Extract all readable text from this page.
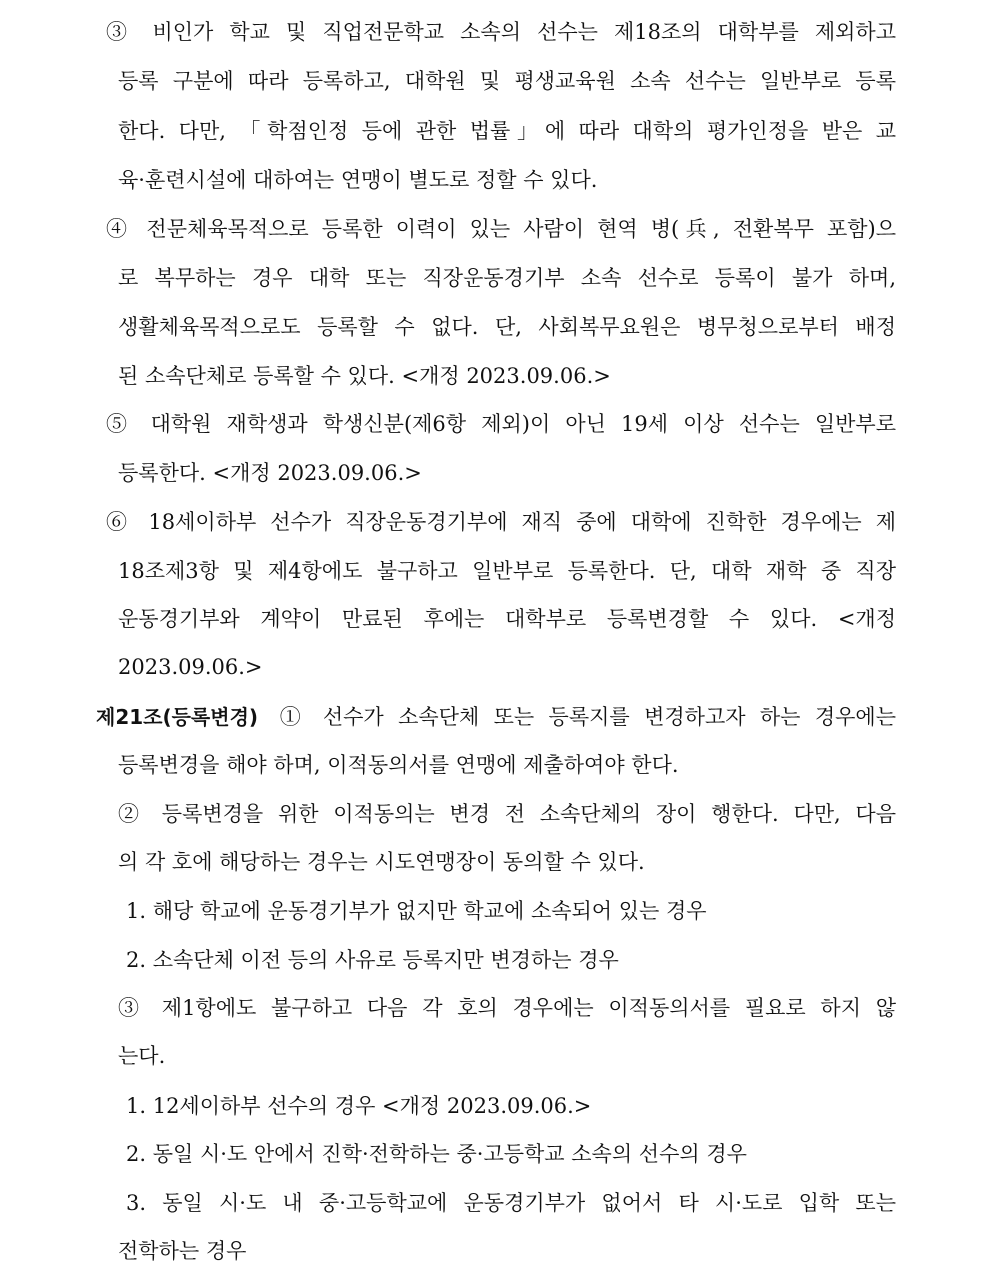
③ 비인가 학교 및 직업전문학교 소속의 선수는 제18조의 대학부를 제외하고
등록 구분에 따라 등록하고, 대학원 및 평생교육원 소속 선수는 일반부로 등록
한다. 다만, 「학점인정 등에 관한 법률」에 따라 대학의 평가인정을 받은 교
육·훈련시설에 대하여는 연맹이 별도로 정할 수 있다.
④ 전문체육목적으로 등록한 이력이 있는 사람이 현역 병(兵, 전환복무 포함)으
로 복무하는 경우 대학 또는 직장운동경기부 소속 선수로 등록이 불가 하며,
생활체육목적으로도 등록할 수 없다. 단, 사회복무요원은 병무청으로부터 배정
된 소속단체로 등록할 수 있다. <개정 2023.09.06.>
⑤ 대학원 재학생과 학생신분(제6항 제외)이 아닌 19세 이상 선수는 일반부로
등록한다. <개정 2023.09.06.>
⑥ 18세이하부 선수가 직장운동경기부에 재직 중에 대학에 진학한 경우에는 제
18조제3항 및 제4항에도 불구하고 일반부로 등록한다. 단, 대학 재학 중 직장
운동경기부와 계약이 만료된 후에는 대학부로 등록변경할 수 있다. <개정
2023.09.06.>
제21조(등록변경) ① 선수가 소속단체 또는 등록지를 변경하고자 하는 경우에는
등록변경을 해야 하며, 이적동의서를 연맹에 제출하여야 한다.
② 등록변경을 위한 이적동의는 변경 전 소속단체의 장이 행한다. 다만, 다음
의 각 호에 해당하는 경우는 시도연맹장이 동의할 수 있다.
1. 해당 학교에 운동경기부가 없지만 학교에 소속되어 있는 경우
2. 소속단체 이전 등의 사유로 등록지만 변경하는 경우
③ 제1항에도 불구하고 다음 각 호의 경우에는 이적동의서를 필요로 하지 않
는다.
1. 12세이하부 선수의 경우 <개정 2023.09.06.>
2. 동일 시·도 안에서 진학·전학하는 중·고등학교 소속의 선수의 경우
3. 동일 시·도 내 중·고등학교에 운동경기부가 없어서 타 시·도로 입학 또는
전학하는 경우
